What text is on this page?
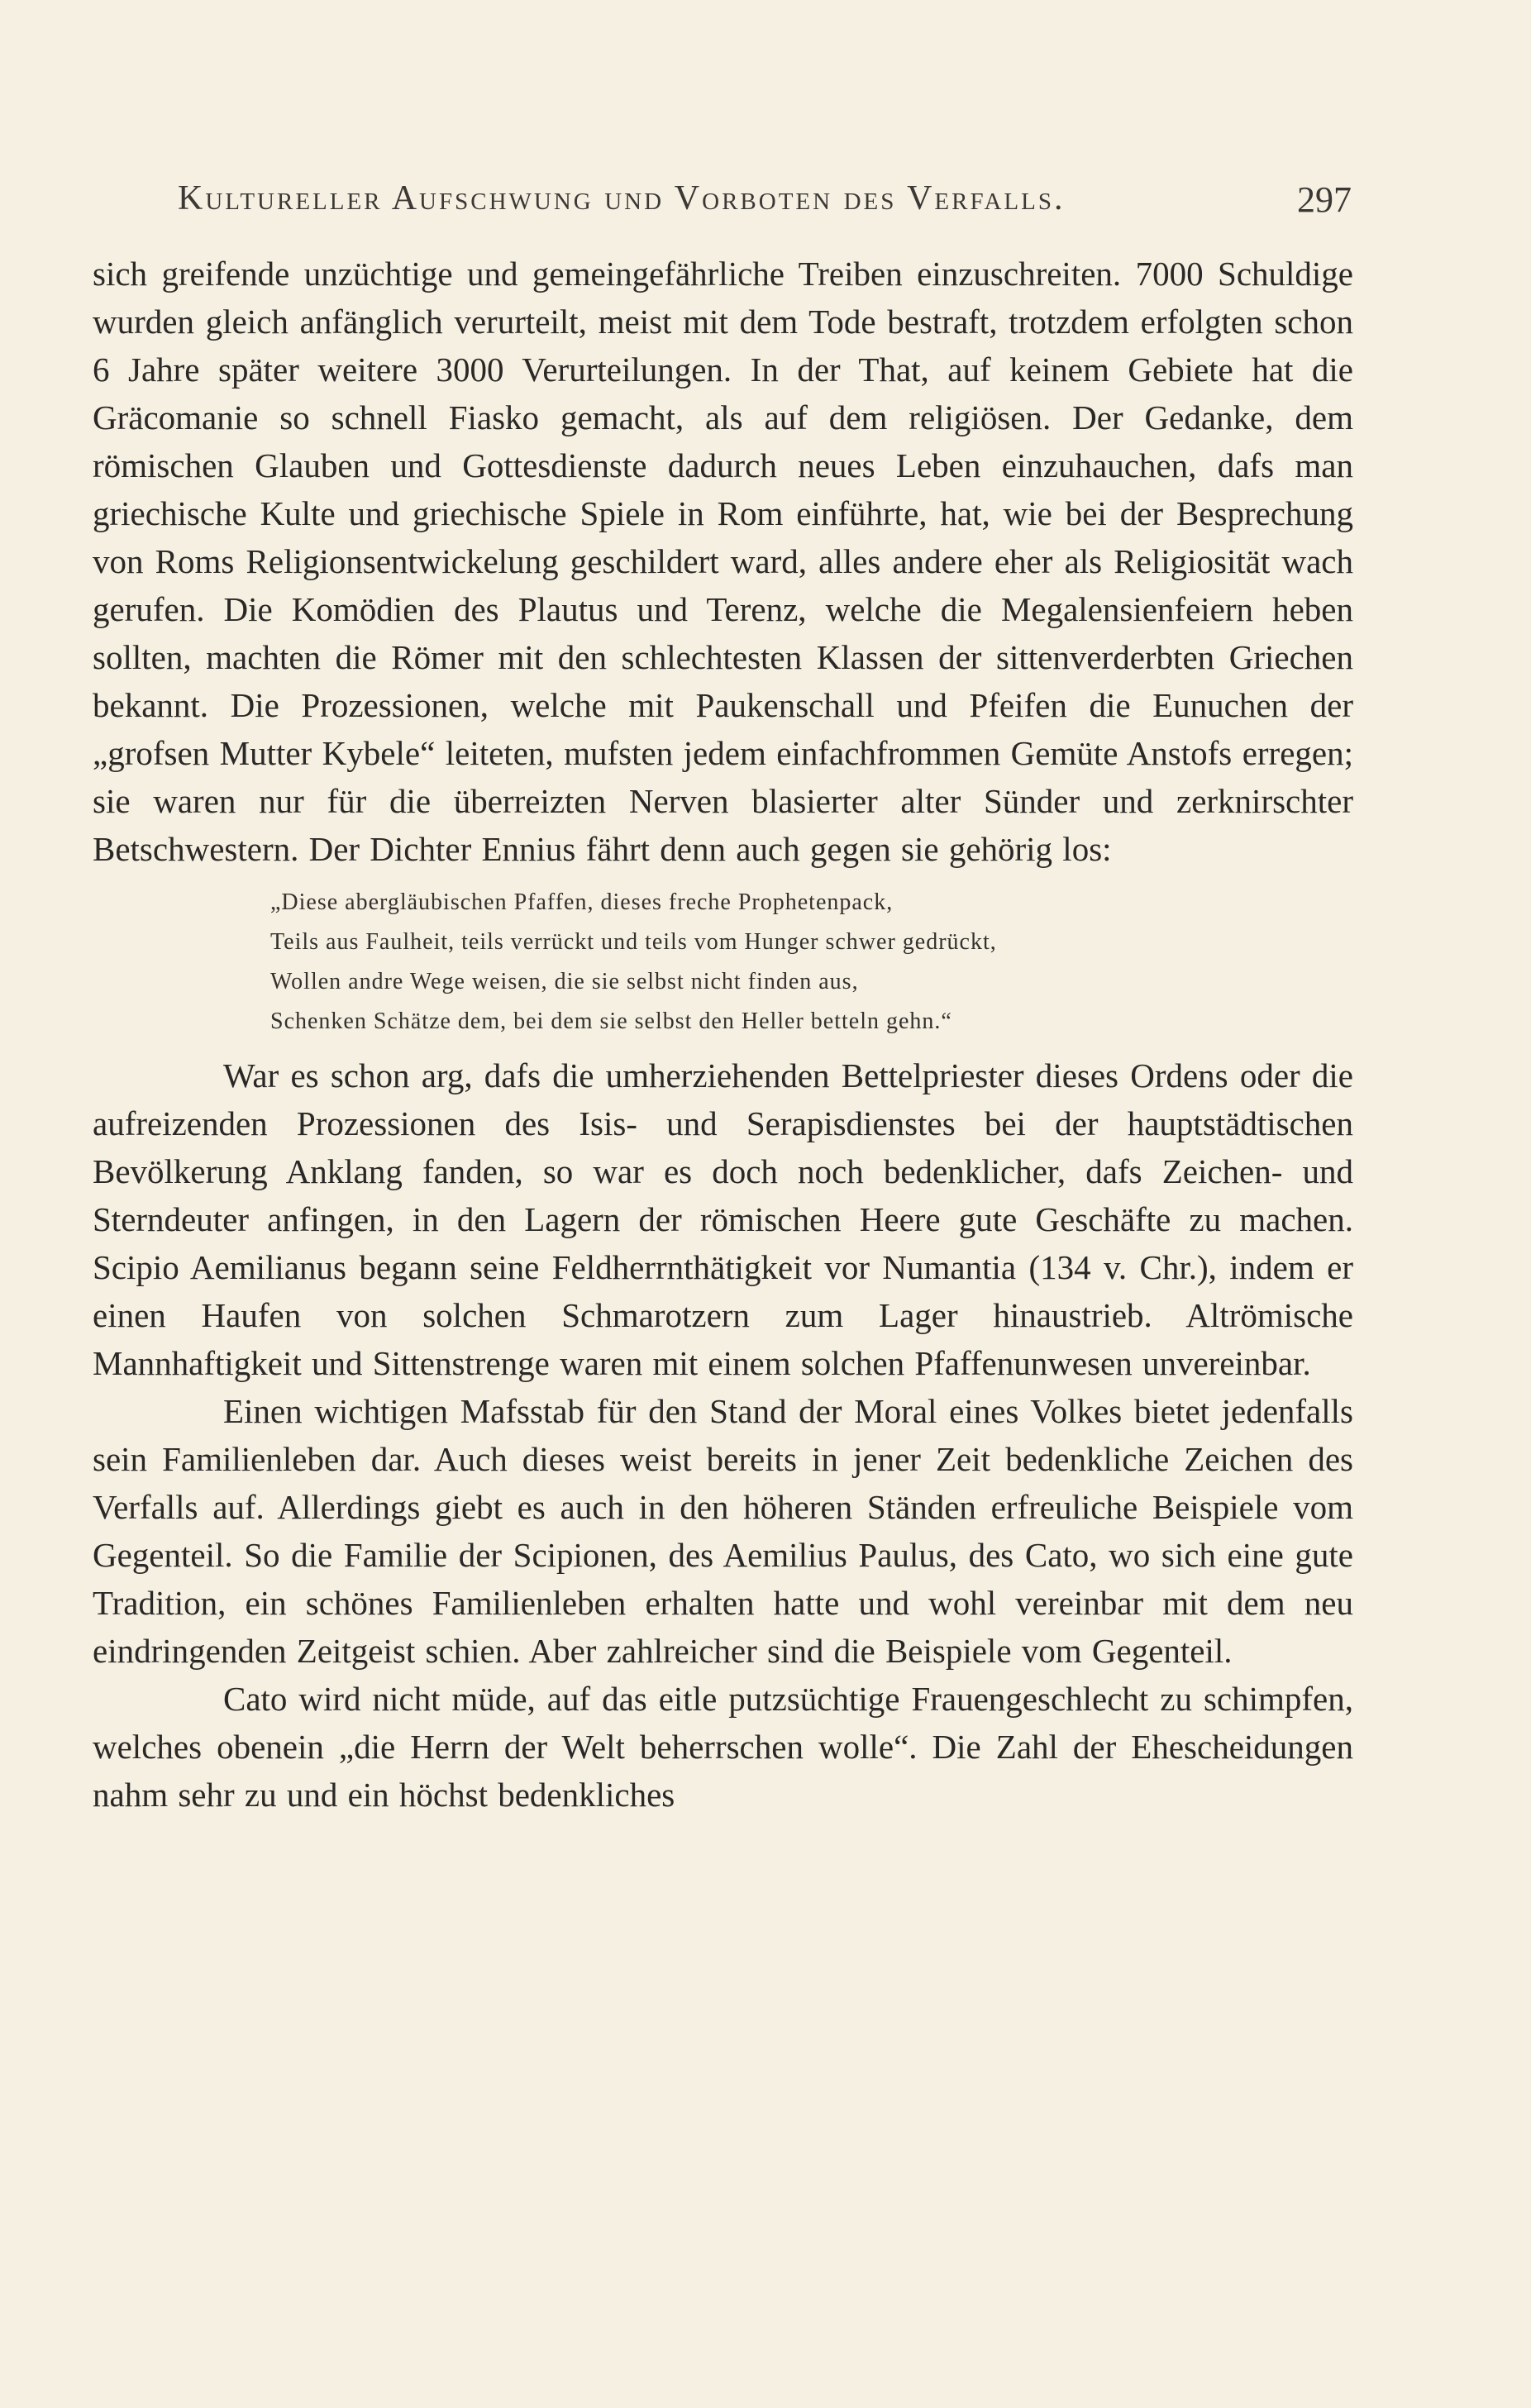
Kultureller Aufschwung und Vorboten des Verfalls.	297

sich greifende unzüchtige und gemeingefährliche Treiben einzuschreiten. 7000 Schuldige wurden gleich anfänglich verurteilt, meist mit dem Tode bestraft, trotzdem erfolgten schon 6 Jahre später weitere 3000 Verurteilungen. In der That, auf keinem Gebiete hat die Gräcomanie so schnell Fiasko gemacht, als auf dem religiösen. Der Gedanke, dem römischen Glauben und Gottesdienste dadurch neues Leben einzuhauchen, dafs man griechische Kulte und griechische Spiele in Rom einführte, hat, wie bei der Besprechung von Roms Religionsentwickelung geschildert ward, alles andere eher als Religiosität wach gerufen. Die Komödien des Plautus und Terenz, welche die Megalensienfeiern heben sollten, machten die Römer mit den schlechtesten Klassen der sittenverderbten Griechen bekannt. Die Prozessionen, welche mit Paukenschall und Pfeifen die Eunuchen der „grofsen Mutter Kybele“ leiteten, mufsten jedem einfachfrommen Gemüte Anstofs erregen; sie waren nur für die überreizten Nerven blasierter alter Sünder und zerknirschter Betschwestern. Der Dichter Ennius fährt denn auch gegen sie gehörig los:

„Diese abergläubischen Pfaffen, dieses freche Prophetenpack,
Teils aus Faulheit, teils verrückt und teils vom Hunger schwer gedrückt,
Wollen andre Wege weisen, die sie selbst nicht finden aus,
Schenken Schätze dem, bei dem sie selbst den Heller betteln gehn.“

War es schon arg, dafs die umherziehenden Bettelpriester dieses Ordens oder die aufreizenden Prozessionen des Isis- und Serapisdienstes bei der hauptstädtischen Bevölkerung Anklang fanden, so war es doch noch bedenklicher, dafs Zeichen- und Sterndeuter anfingen, in den Lagern der römischen Heere gute Geschäfte zu machen. Scipio Aemilianus begann seine Feldherrnthätigkeit vor Numantia (134 v. Chr.), indem er einen Haufen von solchen Schmarotzern zum Lager hinaustrieb. Altrömische Mannhaftigkeit und Sittenstrenge waren mit einem solchen Pfaffenunwesen unvereinbar.

Einen wichtigen Mafsstab für den Stand der Moral eines Volkes bietet jedenfalls sein Familienleben dar. Auch dieses weist bereits in jener Zeit bedenkliche Zeichen des Verfalls auf. Allerdings giebt es auch in den höheren Ständen erfreuliche Beispiele vom Gegenteil. So die Familie der Scipionen, des Aemilius Paulus, des Cato, wo sich eine gute Tradition, ein schönes Familienleben erhalten hatte und wohl vereinbar mit dem neu eindringenden Zeitgeist schien. Aber zahlreicher sind die Beispiele vom Gegenteil.

Cato wird nicht müde, auf das eitle putzsüchtige Frauengeschlecht zu schimpfen, welches obenein „die Herrn der Welt beherrschen wolle“. Die Zahl der Ehescheidungen nahm sehr zu und ein höchst bedenkliches
